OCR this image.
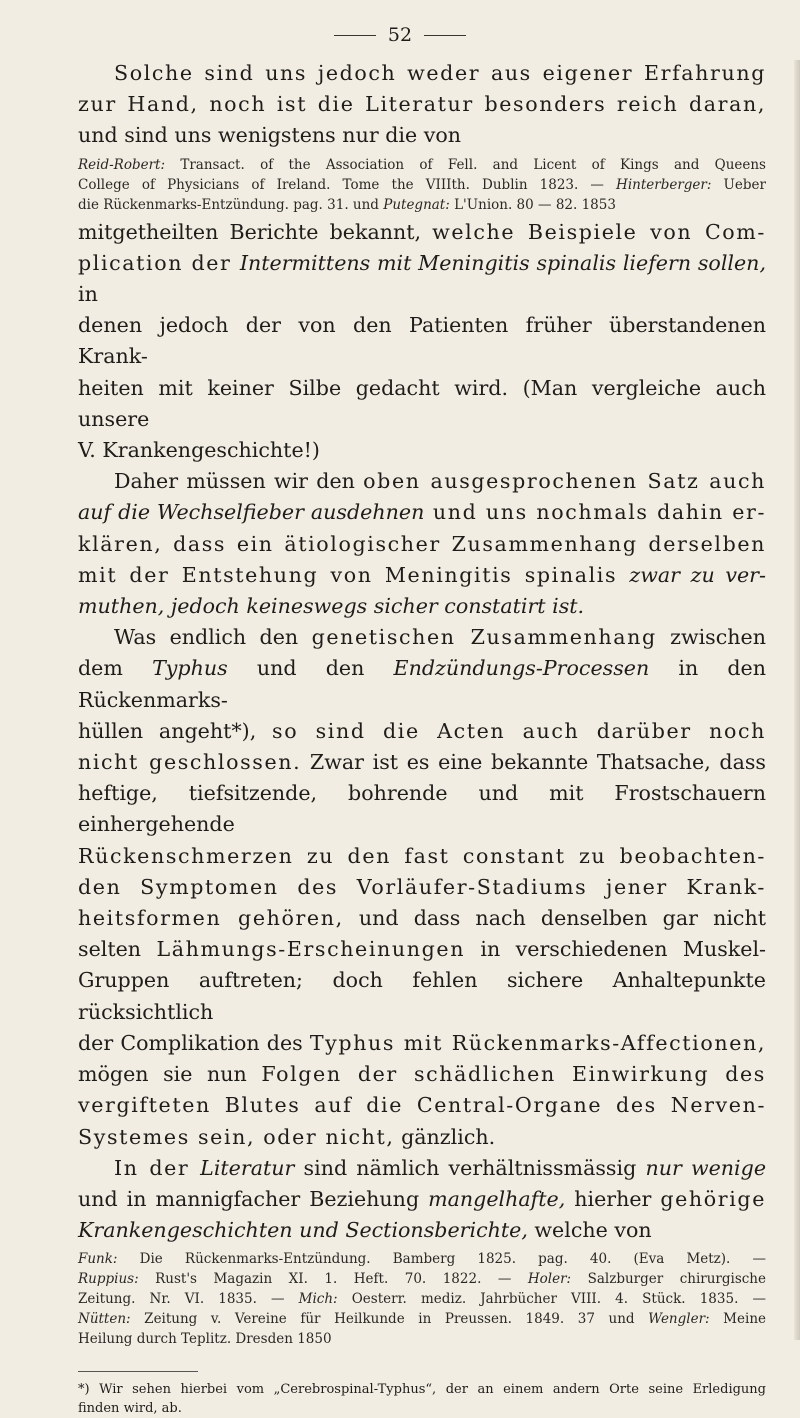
52

Solche sind uns jedoch weder aus eigener Erfahrung

zur Hand, noch ist die Literatur besonders reich daran,

und sind uns wenigstens nur die von

Reid-Robert: Transact. of the Association of Fell. and Licent of Kings and Queens

College of Physicians of Ireland. Tome the VIIIth. Dublin 1823. — Hinterberger: Ueber

die Rückenmarks-Entzündung. pag. 31. und Putegnat: L'Union. 80 — 82. 1853

mitgetheilten Berichte bekannt, welche Beispiele von Com-

plication der Intermittens mit Meningitis spinalis liefern sollen, in

denen jedoch der von den Patienten früher überstandenen Krank-

heiten mit keiner Silbe gedacht wird. (Man vergleiche auch unsere

V. Krankengeschichte!)

Daher müssen wir den oben ausgesprochenen Satz auch

auf die Wechselfieber ausdehnen und uns nochmals dahin er-

klären, dass ein ätiologischer Zusammenhang derselben

mit der Entstehung von Meningitis spinalis zwar zu ver-

muthen, jedoch keineswegs sicher constatirt ist.

Was endlich den genetischen Zusammenhang zwischen

dem Typhus und den Endzündungs-Processen in den Rückenmarks-

hüllen angeht*), so sind die Acten auch darüber noch

nicht geschlossen. Zwar ist es eine bekannte Thatsache, dass

heftige, tiefsitzende, bohrende und mit Frostschauern einhergehende

Rückenschmerzen zu den fast constant zu beobachten-

den Symptomen des Vorläufer-Stadiums jener Krank-

heitsformen gehören, und dass nach denselben gar nicht

selten Lähmungs-Erscheinungen in verschiedenen Muskel-

Gruppen auftreten; doch fehlen sichere Anhaltepunkte rücksichtlich

der Complikation des Typhus mit Rückenmarks-Affectionen,

mögen sie nun Folgen der schädlichen Einwirkung des

vergifteten Blutes auf die Central-Organe des Nerven-

Systemes sein, oder nicht, gänzlich.

In der Literatur sind nämlich verhältnissmässig nur wenige

und in mannigfacher Beziehung mangelhafte, hierher gehörige

Krankengeschichten und Sectionsberichte, welche von

Funk: Die Rückenmarks-Entzündung. Bamberg 1825. pag. 40. (Eva Metz). —

Ruppius: Rust's Magazin XI. 1. Heft. 70. 1822. — Holer: Salzburger chirurgische

Zeitung. Nr. VI. 1835. — Mich: Oesterr. mediz. Jahrbücher VIII. 4. Stück. 1835. —

Nütten: Zeitung v. Vereine für Heilkunde in Preussen. 1849. 37 und Wengler: Meine

Heilung durch Teplitz. Dresden 1850

*) Wir sehen hierbei vom „Cerebrospinal-Typhus“, der an einem andern Orte seine Erledigung

finden wird, ab.
